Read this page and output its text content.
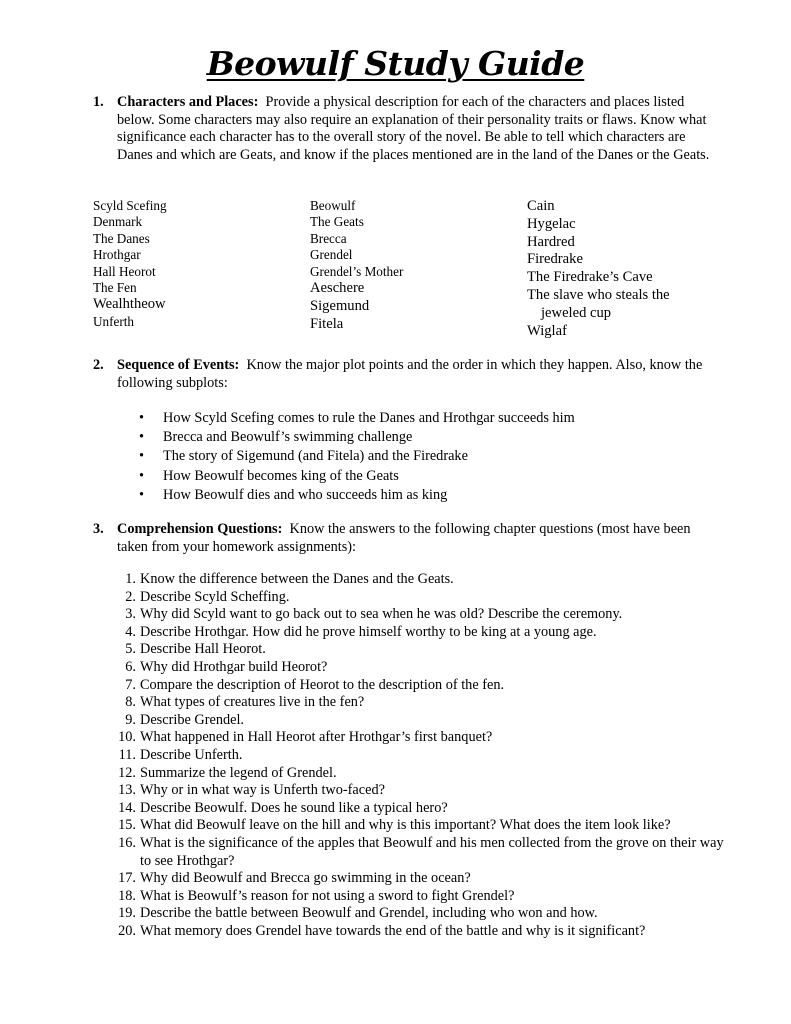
Beowulf Study Guide
1. Characters and Places: Provide a physical description for each of the characters and places listed below. Some characters may also require an explanation of their personality traits or flaws. Know what significance each character has to the overall story of the novel. Be able to tell which characters are Danes and which are Geats, and know if the places mentioned are in the land of the Danes or the Geats.
Scyld Scefing
Denmark
The Danes
Hrothgar
Hall Heorot
The Fen
Wealhtheow
Unferth
Beowulf
The Geats
Brecca
Grendel
Grendel’s Mother
Aeschere
Sigemund
Fitela
Cain
Hygelac
Hardred
Firedrake
The Firedrake’s Cave
The slave who steals the
jeweled cup
Wiglaf
2. Sequence of Events: Know the major plot points and the order in which they happen. Also, know the following subplots:
• How Scyld Scefing comes to rule the Danes and Hrothgar succeeds him
• Brecca and Beowulf’s swimming challenge
• The story of Sigemund (and Fitela) and the Firedrake
• How Beowulf becomes king of the Geats
• How Beowulf dies and who succeeds him as king
3. Comprehension Questions: Know the answers to the following chapter questions (most have been taken from your homework assignments):
1. Know the difference between the Danes and the Geats.
2. Describe Scyld Scheffing.
3. Why did Scyld want to go back out to sea when he was old? Describe the ceremony.
4. Describe Hrothgar. How did he prove himself worthy to be king at a young age.
5. Describe Hall Heorot.
6. Why did Hrothgar build Heorot?
7. Compare the description of Heorot to the description of the fen.
8. What types of creatures live in the fen?
9. Describe Grendel.
10. What happened in Hall Heorot after Hrothgar’s first banquet?
11. Describe Unferth.
12. Summarize the legend of Grendel.
13. Why or in what way is Unferth two-faced?
14. Describe Beowulf. Does he sound like a typical hero?
15. What did Beowulf leave on the hill and why is this important? What does the item look like?
16. What is the significance of the apples that Beowulf and his men collected from the grove on their way to see Hrothgar?
17. Why did Beowulf and Brecca go swimming in the ocean?
18. What is Beowulf’s reason for not using a sword to fight Grendel?
19. Describe the battle between Beowulf and Grendel, including who won and how.
20. What memory does Grendel have towards the end of the battle and why is it significant?
